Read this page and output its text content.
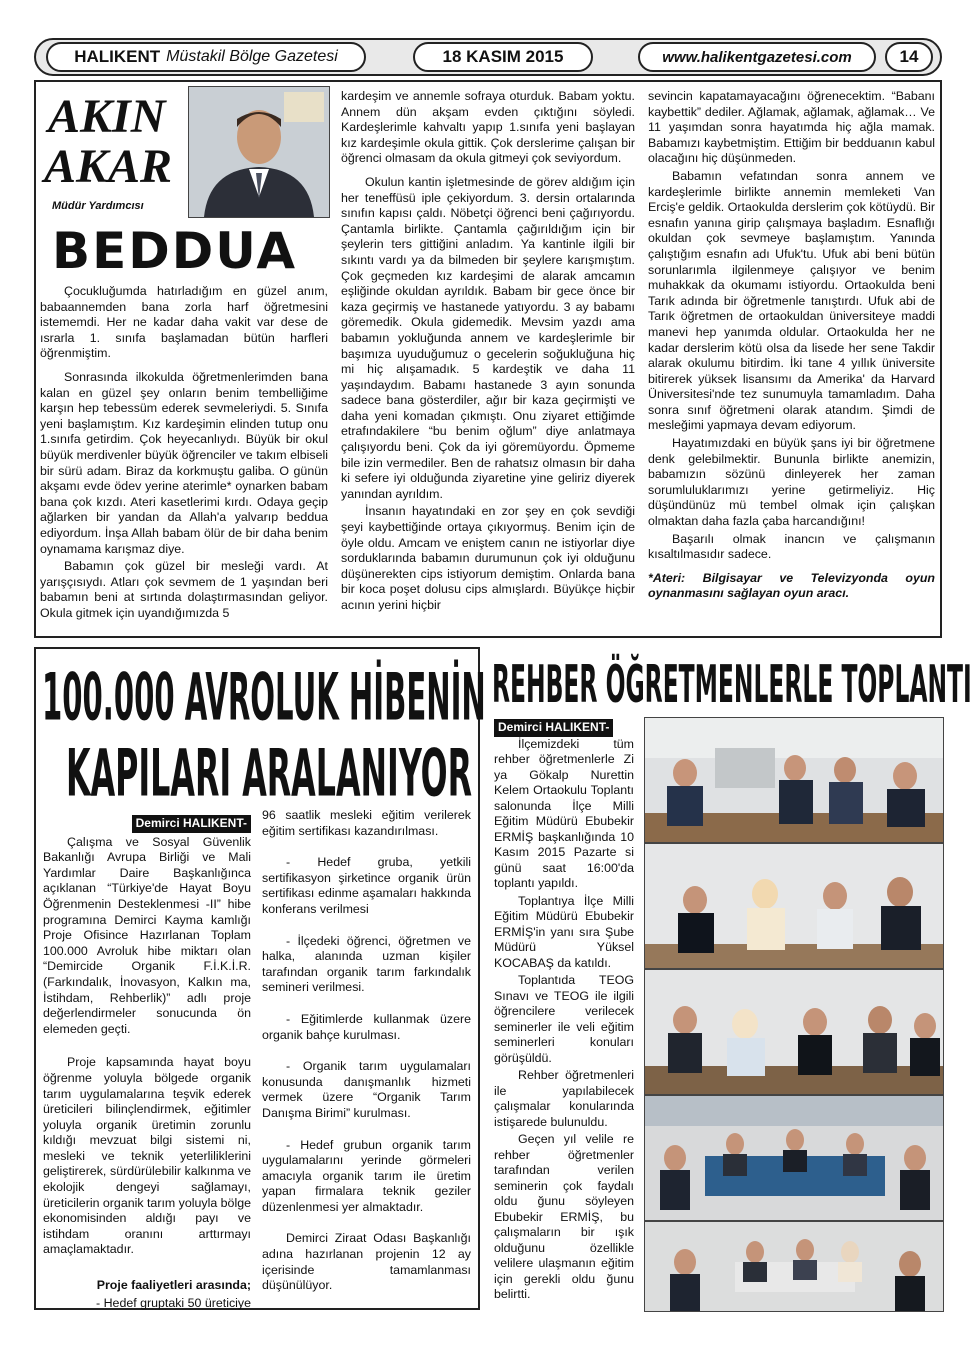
HALIKENT Müstakil Bölge Gazetesi	18 KASIM 2015	www.halikentgazetesi.com	14
AKIN
AKAR
Müdür Yardımcısı
BEDDUA

Çocukluğumda hatırladığım en güzel anım, babaannemden bana zorla harf öğretmesini istememdi. Her ne kadar daha vakit var dese de ısrarla 1. sınıfa başlamadan bütün harfleri öğrenmiştim.

Sonrasında ilkokulda öğretmenlerimden bana kalan en güzel şey onların benim tembelliğime karşın hep tebessüm ederek sevmeleriydi. 5. Sınıfa yeni başlamıştım. Kız kardeşimin elinden tutup onu 1.sınıfa getirdim. Çok heyecanlıydı. Büyük bir okul büyük merdivenler büyük öğrenciler ve takım elbiseli bir sürü adam. Biraz da korkmuştu galiba. O günün akşamı evde ödev yerine aterimle* oynarken babam bana çok kızdı. Ateri kasetlerimi kırdı. Odaya geçip ağlarken bir yandan da Allah'a yalvarıp beddua ediyordum. İnşa Allah babam ölür de bir daha benim oynamama karışmaz diye.

Babamın çok güzel bir mesleği vardı. At yarışçısıydı. Atları çok sevmem de 1 yaşından beri babamın beni at sırtında dolaştırmasından geliyor. Okula gitmek için uyandığımızda 5

kardeşim ve annemle sofraya oturduk. Babam yoktu. Annem dün akşam evden çıktığını söyledi. Kardeşlerimle kahvaltı yapıp 1.sınıfa yeni başlayan kız kardeşimle okula gittik. Çok derslerime çalışan bir öğrenci olmasam da okula gitmeyi çok seviyordum.

Okulun kantin işletmesinde de görev aldığım için her teneffüsü iple çekiyordum. 3. dersin ortalarında sınıfın kapısı çaldı. Nöbetçi öğrenci beni çağırıyordu. Çantamla birlikte. Çantamla çağırıldığım için bir şeylerin ters gittiğini anladım. Ya kantinle ilgili bir sıkıntı vardı ya da bilmeden bir şeylere karışmıştım. Çok geçmeden kız kardeşimi de alarak amcamın eşliğinde okuldan ayrıldık. Babam bir gece önce bir kaza geçirmiş ve hastanede yatıyordu. 3 ay babamı göremedik. Okula gidemedik. Mevsim yazdı ama babamın yokluğunda annem ve kardeşlerimle bir başımıza uyuduğumuz o gecelerin soğukluğuna hiç mi hiç alışamadık. 5 kardeştik ve daha 11 yaşındaydım. Babamı hastanede 3 ayın sonunda sadece bana gösterdiler, ağır bir kaza geçirmişti ve daha yeni komadan çıkmıştı. Onu ziyaret ettiğimde etrafındakilere “bu benim oğlum” diye anlatmaya çalışıyordu beni. Çok da iyi göremüyordu. Öpmeme bile izin vermediler. Ben de rahatsız olmasın bir daha ki sefere iyi olduğunda ziyaretine yine geliriz diyerek yanından ayrıldım.

İnsanın hayatındaki en zor şey en çok sevdiği şeyi kaybettiğinde ortaya çıkıyormuş. Benim için de öyle oldu. Amcam ve eniştem canın ne istiyorlar diye sorduklarında babamın durumunun çok iyi olduğunu düşünerekten cips istiyorum demiştim. Onlarda bana bir koca poşet dolusu cips almışlardı. Büyükçe hiçbir acının yerini hiçbir

sevincin kapatamayacağını öğrenecektim. “Babanı kaybettik” dediler. Ağlamak, ağlamak, ağlamak… Ve 11 yaşımdan sonra hayatımda hiç ağla mamak. Babamızı kaybetmiştim. Ettiğim bir bedduanın kabul olacağını hiç düşünmeden.

Babamın vefatından sonra annem ve kardeşlerimle birlikte annemin memleketi Van Erciş'e geldik. Ortaokulda derslerim çok kötüydü. Bir esnafın yanına girip çalışmaya başladım. Esnaflığı okuldan çok sevmeye başlamıştım. Yanında çalıştığım esnafın adı Ufuk'tu. Ufuk abi beni bütün sorunlarımla ilgilenmeye çalışıyor ve benim muhakkak da okumamı istiyordu. Ortaokulda beni Tarık adında bir öğretmenle tanıştırdı. Ufuk abi de Tarık öğretmen de ortaokuldan üniversiteye maddi manevi hep yanımda oldular. Ortaokulda her ne kadar derslerim kötü olsa da lisede her sene Takdir alarak okulumu bitirdim. İki tane 4 yıllık üniversite bitirerek yüksek lisansımı da Amerika' da Harvard Üniversitesi'nde tez sunumuyla tamamladım. Daha sonra sınıf öğretmeni olarak atandım. Şimdi de mesleğimi yapmaya devam ediyorum.

Hayatımızdaki en büyük şans iyi bir öğretmene denk gelebilmektir. Bununla birlikte anemizin, babamızın sözünü dinleyerek her zaman sorumluluklarımızı yerine getirmeliyiz. Hiç düşündünüz mü tembel olmak için çalışkan olmaktan daha fazla çaba harcandığını!

Başarılı olmak inancın ve çalışmanın kısaltılmasıdır sadece.

*Ateri: Bilgisayar ve Televizyonda oyun oynanmasını sağlayan oyun aracı.

100.000 AVROLUK HİBENİN
KAPILARI ARALANIYOR

Demirci HALIKENT-

Çalışma ve Sosyal Güvenlik Bakanlığı Avrupa Birliği ve Mali Yardımlar Daire Başkanlığınca açıklanan “Türkiye'de Hayat Boyu Öğrenmenin Desteklenmesi -II” hibe programına Demirci Kayma kamlığı Proje Ofisince Hazırlanan Toplam 100.000 Avroluk hibe miktarı olan “Demircide Organik F.İ.K.İ.R. (Farkındalık, İnovasyon, Kalkın ma, İstihdam, Rehberlik)” adlı proje değerlendirmeler sonucunda ön elemeden geçti.

Proje kapsamında hayat boyu öğrenme yoluyla bölgede organik tarım uygulamalarına teşvik ederek üreticileri bilinçlendirmek, eğitimler yoluyla organik üretimin zorunlu kıldığı mevzuat bilgi sistemi ni, mesleki ve teknik yeterliliklerini geliştirerek, sürdürülebilir kalkınma ve ekolojik dengeyi sağlamayı, üreticilerin organik tarım yoluyla bölge ekonomisinden aldığı payı ve istihdam oranını arttırmayı amaçlamaktadır.

Proje faaliyetleri arasında;

- Hedef gruptaki 50 üreticiye

96 saatlik mesleki eğitim verilerek eğitim sertifikası kazandırılması.

- Hedef gruba, yetkili sertifikasyon şirketince organik ürün sertifikası edinme aşamaları hakkında konferans verilmesi

- İlçedeki öğrenci, öğretmen ve halka, alanında uzman kişiler tarafından organik tarım farkındalık semineri verilmesi.

- Eğitimlerde kullanmak üzere organik bahçe kurulması.

- Organik tarım uygulamaları konusunda danışmanlık hizmeti vermek üzere “Organik Tarım Danışma Birimi” kurulması.

- Hedef grubun organik tarım uygulamalarını yerinde görmeleri amacıyla organik tarım ile üretim yapan firmalara teknik geziler düzenlenmesi yer almaktadır.

Demirci Ziraat Odası Başkanlığı adına hazırlanan projenin 12 ay içerisinde tamamlanması düşünülüyor.

REHBER ÖĞRETMENLERLE TOPLANTI

Demirci HALIKENT-

İlçemizdeki tüm rehber öğretmenlerle Zi ya Gökalp Nurettin Kelem Ortaokulu Toplantı salonunda İlçe Milli Eğitim Müdürü Ebubekir ERMİŞ başkanlığında 10 Kasım 2015 Pazarte si günü saat 16:00'da toplantı yapıldı.

Toplantıya İlçe Milli Eğitim Müdürü Ebubekir ERMİŞ'in yanı sıra Şube Müdürü Yüksel KOCABAŞ da katıldı.

Toplantıda TEOG Sınavı ve TEOG ile ilgili öğrencilere verilecek seminerler ile veli eğitim seminerleri konuları görüşüldü.

Rehber öğretmenleri ile yapılabilecek çalışmalar konularında istişarede bulunuldu.

Geçen yıl velile re rehber öğretmenler tarafından verilen seminerin çok faydalı oldu ğunu söyleyen Ebubekir ERMİŞ, bu çalışmaların bir ışık olduğunu özellikle velilere ulaşmanın eğitim için gerekli oldu ğunu belirtti.
